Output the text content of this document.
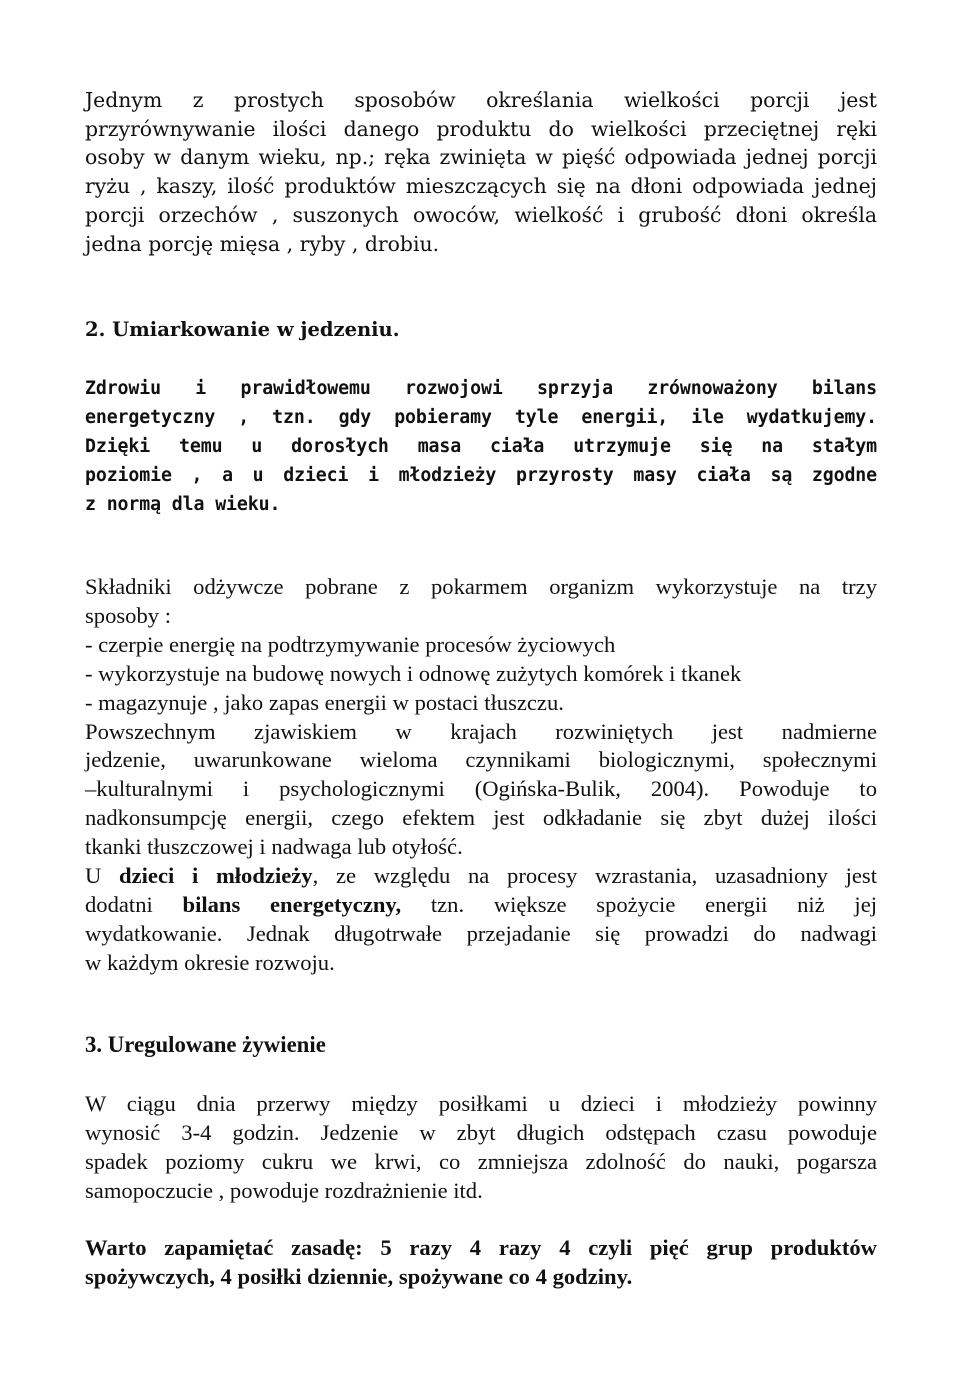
Jednym z prostych sposobów określania wielkości porcji jest
przyrównywanie ilości danego produktu do wielkości przeciętnej ręki
osoby w danym wieku, np.; ręka zwinięta w pięść odpowiada jednej porcji
ryżu , kaszy, ilość produktów mieszczących się na dłoni odpowiada jednej
porcji orzechów , suszonych owoców, wielkość i grubość dłoni określa
jedna porcję mięsa , ryby , drobiu.
2. Umiarkowanie w jedzeniu.
Zdrowiu i prawidłowemu rozwojowi sprzyja zrównoważony bilans
energetyczny , tzn. gdy pobieramy tyle energii, ile wydatkujemy.
Dzięki temu u dorosłych masa ciała utrzymuje się na stałym
poziomie , a u dzieci i młodzieży przyrosty masy ciała są zgodne
z normą dla wieku.
Składniki odżywcze pobrane z pokarmem organizm wykorzystuje na trzy
sposoby :
- czerpie energię na podtrzymywanie procesów życiowych
- wykorzystuje na budowę nowych i odnowę zużytych komórek i tkanek
- magazynuje , jako zapas energii w postaci tłuszczu.
Powszechnym zjawiskiem w krajach rozwiniętych jest nadmierne
jedzenie, uwarunkowane wieloma czynnikami biologicznymi, społecznymi
–kulturalnymi i psychologicznymi (Ogińska-Bulik, 2004). Powoduje to
nadkonsumpcję energii, czego efektem jest odkładanie się zbyt dużej ilości
tkanki tłuszczowej i nadwaga lub otyłość.
U dzieci i młodzieży, ze względu na procesy wzrastania, uzasadniony jest
dodatni bilans energetyczny, tzn. większe spożycie energii niż jej
wydatkowanie. Jednak długotrwałe przejadanie się prowadzi do nadwagi
w każdym okresie rozwoju.
3. Uregulowane żywienie
W ciągu dnia przerwy między posiłkami u dzieci i młodzieży powinny
wynosić 3-4 godzin. Jedzenie w zbyt długich odstępach czasu powoduje
spadek poziomy cukru we krwi, co zmniejsza zdolność do nauki, pogarsza
samopoczucie , powoduje rozdrażnienie itd.
Warto zapamiętać zasadę: 5 razy 4 razy 4 czyli pięć grup produktów
spożywczych, 4 posiłki dziennie, spożywane co 4 godziny.
